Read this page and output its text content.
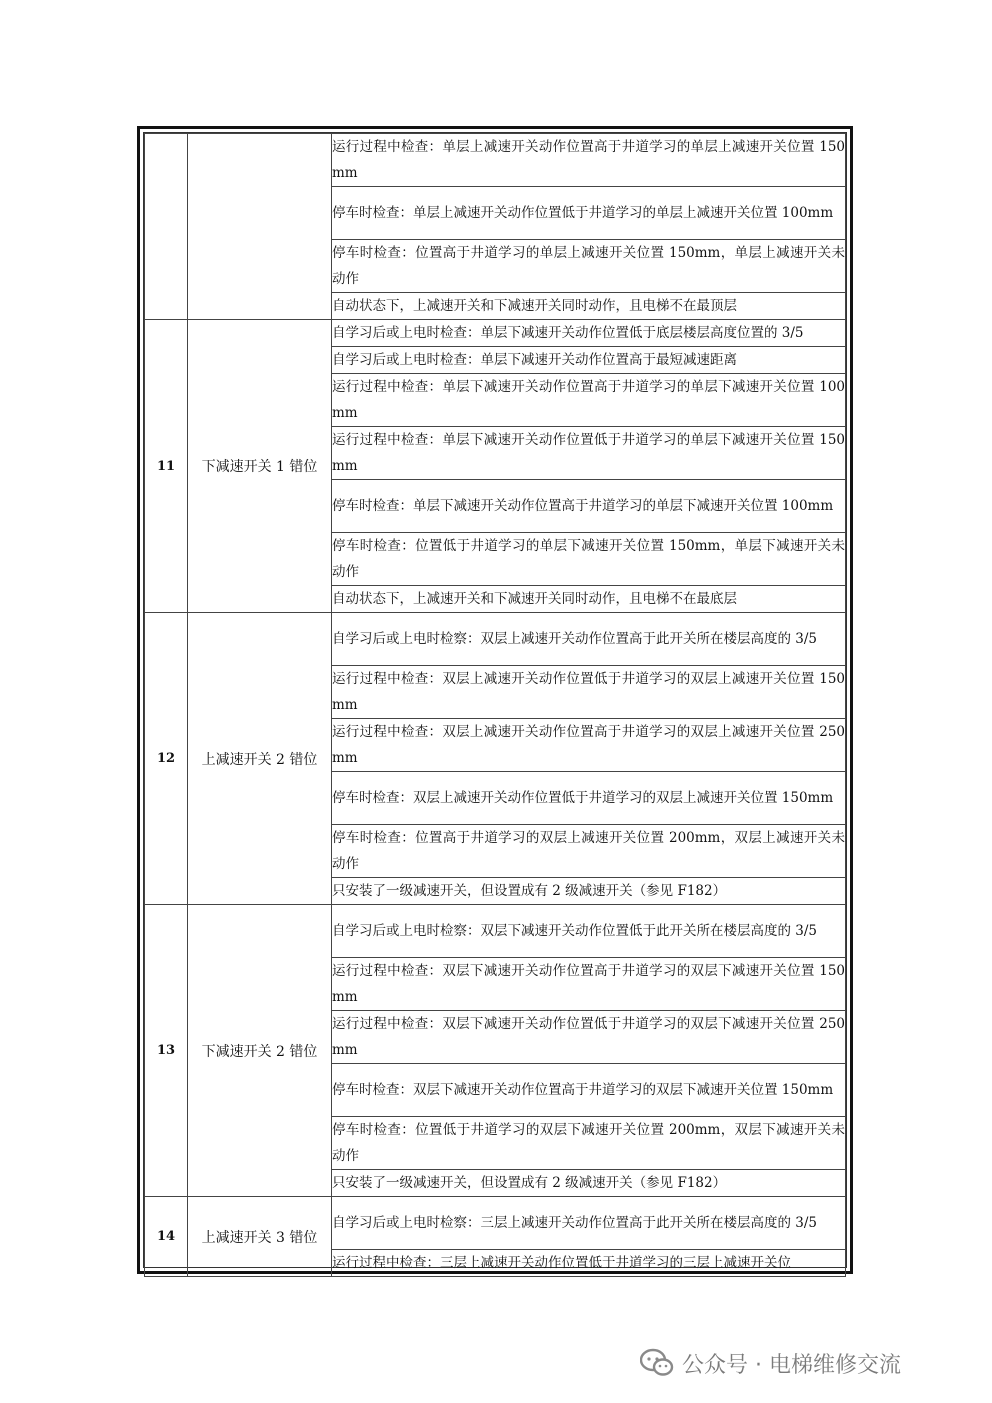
		运行过程中检查：单层上减速开关动作位置高于井道学习的单层上减速开关位置 150mm
		停车时检查：单层上减速开关动作位置低于井道学习的单层上减速开关位置 100mm
		停车时检查：位置高于井道学习的单层上减速开关位置 150mm，单层上减速开关未动作
		自动状态下，上减速开关和下减速开关同时动作，且电梯不在最顶层
11	下减速开关 1 错位	自学习后或上电时检查：单层下减速开关动作位置低于底层楼层高度位置的 3/5
		自学习后或上电时检查：单层下减速开关动作位置高于最短减速距离
		运行过程中检查：单层下减速开关动作位置高于井道学习的单层下减速开关位置 100mm
		运行过程中检查：单层下减速开关动作位置低于井道学习的单层下减速开关位置 150mm
		停车时检查：单层下减速开关动作位置高于井道学习的单层下减速开关位置 100mm
		停车时检查：位置低于井道学习的单层下减速开关位置 150mm，单层下减速开关未动作
		自动状态下，上减速开关和下减速开关同时动作，且电梯不在最底层
12	上减速开关 2 错位	自学习后或上电时检察：双层上减速开关动作位置高于此开关所在楼层高度的 3/5
		运行过程中检查：双层上减速开关动作位置低于井道学习的双层上减速开关位置 150mm
		运行过程中检查：双层上减速开关动作位置高于井道学习的双层上减速开关位置 250mm
		停车时检查：双层上减速开关动作位置低于井道学习的双层上减速开关位置 150mm
		停车时检查：位置高于井道学习的双层上减速开关位置 200mm，双层上减速开关未动作
		只安装了一级减速开关，但设置成有 2 级减速开关（参见 F182）
13	下减速开关 2 错位	自学习后或上电时检察：双层下减速开关动作位置低于此开关所在楼层高度的 3/5
		运行过程中检查：双层下减速开关动作位置高于井道学习的双层下减速开关位置 150mm
		运行过程中检查：双层下减速开关动作位置低于井道学习的双层下减速开关位置 250mm
		停车时检查：双层下减速开关动作位置高于井道学习的双层下减速开关位置 150mm
		停车时检查：位置低于井道学习的双层下减速开关位置 200mm，双层下减速开关未动作
		只安装了一级减速开关，但设置成有 2 级减速开关（参见 F182）
14	上减速开关 3 错位	自学习后或上电时检察：三层上减速开关动作位置高于此开关所在楼层高度的 3/5
		运行过程中检查：三层上减速开关动作位置低于井道学习的三层上减速开关位
公众号 · 电梯维修交流
